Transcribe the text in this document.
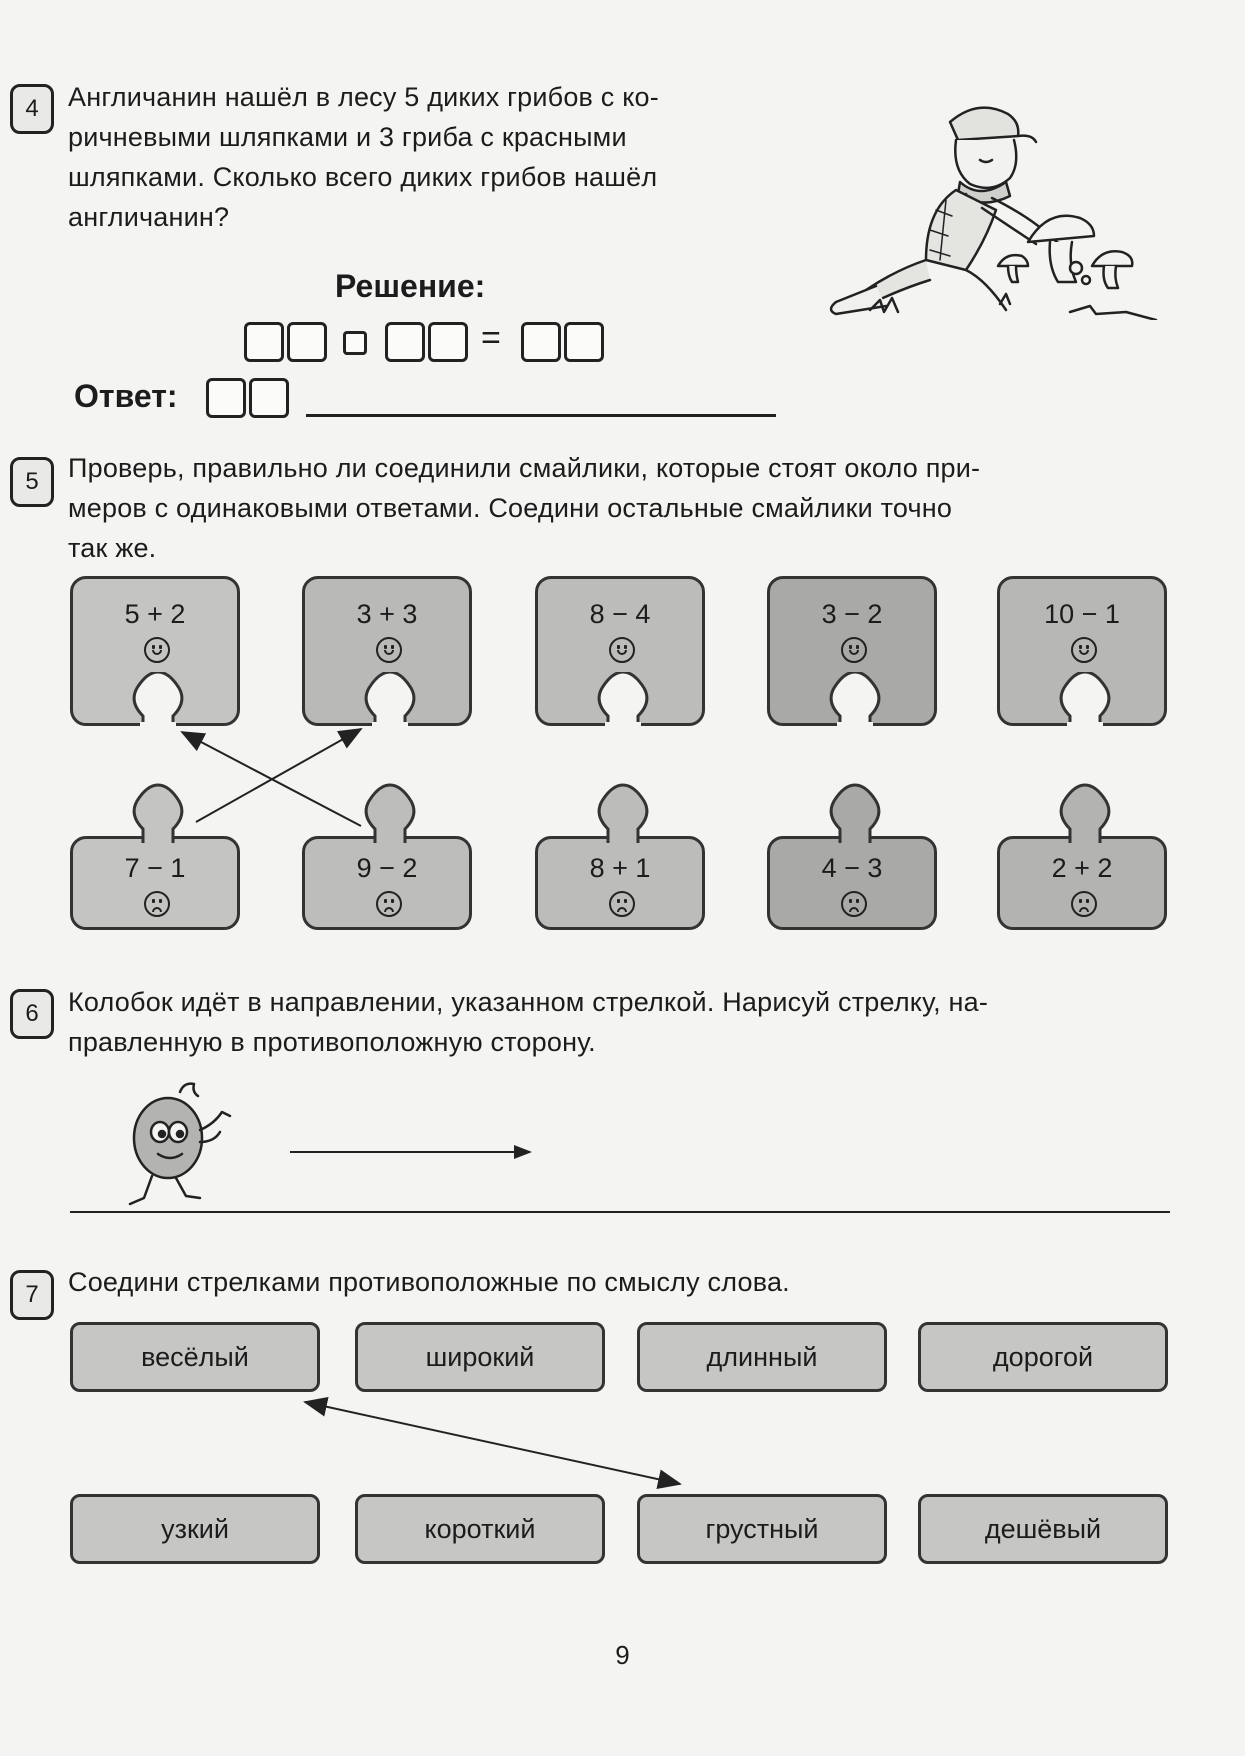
4	Англичанин нашёл в лесу 5 диких грибов с ко-
ричневыми шляпками и 3 гриба с красными
шляпками. Сколько всего диких грибов нашёл
англичанин?
Решение:
=
Ответ:
5	Проверь, правильно ли соединили смайлики, которые стоят около при-
меров с одинаковыми ответами. Соедини остальные смайлики точно
так же.
5 + 2	3 + 3	8 − 4	3 − 2	10 − 1
7 − 1	9 − 2	8 + 1	4 − 3	2 + 2
6	Колобок идёт в направлении, указанном стрелкой. Нарисуй стрелку, на-
правленную в противоположную сторону.
7	Соедини стрелками противоположные по смыслу слова.
весёлый	широкий	длинный	дорогой
узкий	короткий	грустный	дешёвый
9
